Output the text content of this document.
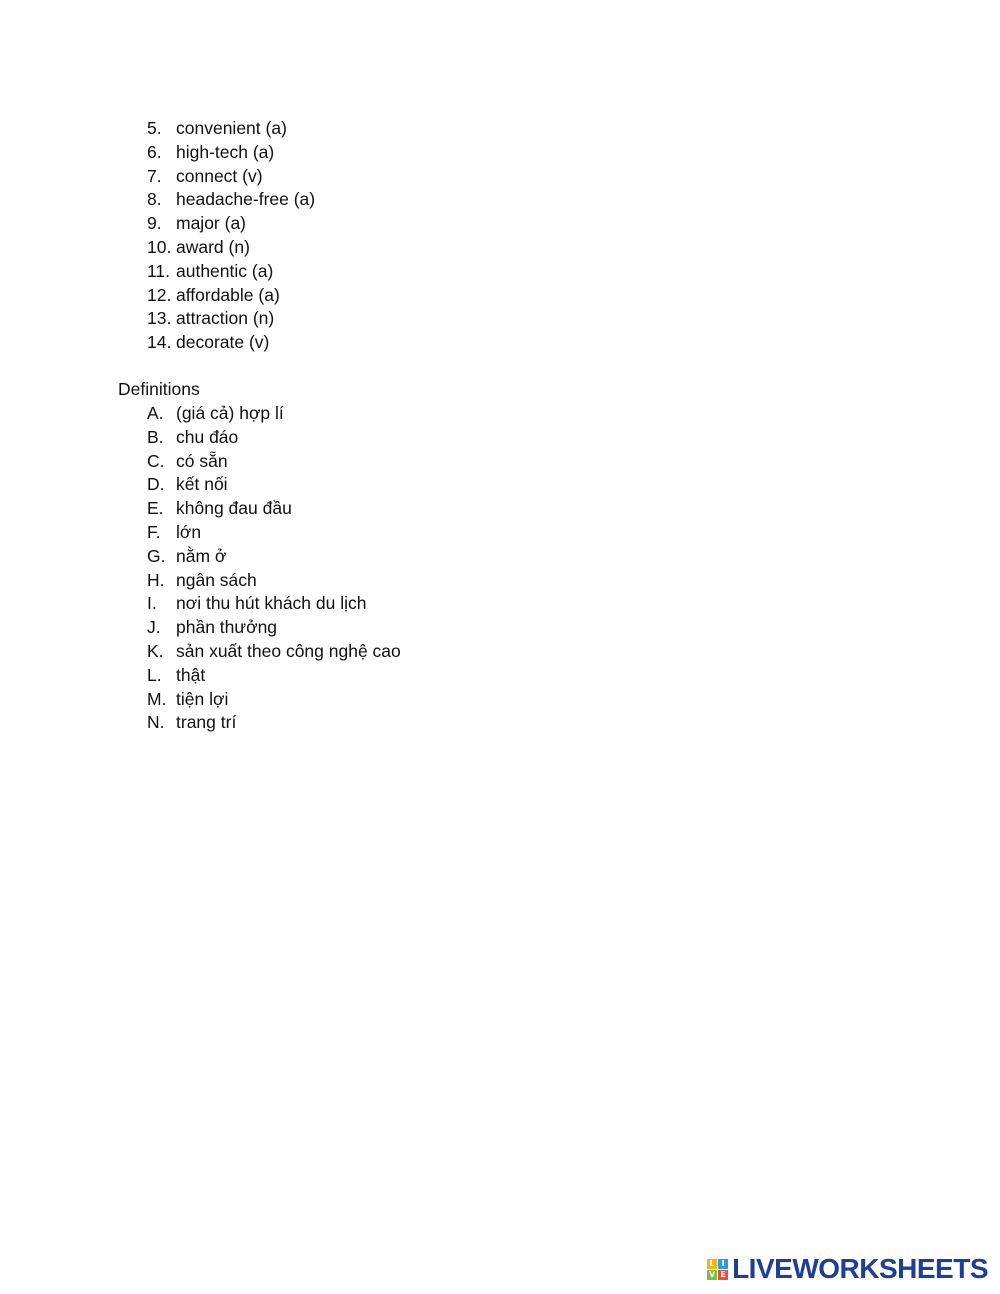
5. convenient (a)
6. high-tech (a)
7. connect (v)
8. headache-free (a)
9. major (a)
10. award (n)
11. authentic (a)
12. affordable (a)
13. attraction (n)
14. decorate (v)
Definitions
A. (giá cả) hợp lí
B. chu đáo
C. có sẵn
D. kết nối
E. không đau đầu
F. lớn
G. nằm ở
H. ngân sách
I. nơi thu hút khách du lịch
J. phần thưởng
K. sản xuất theo công nghệ cao
L. thật
M. tiện lợi
N. trang trí
L I
V E LIVEWORKSHEETS
